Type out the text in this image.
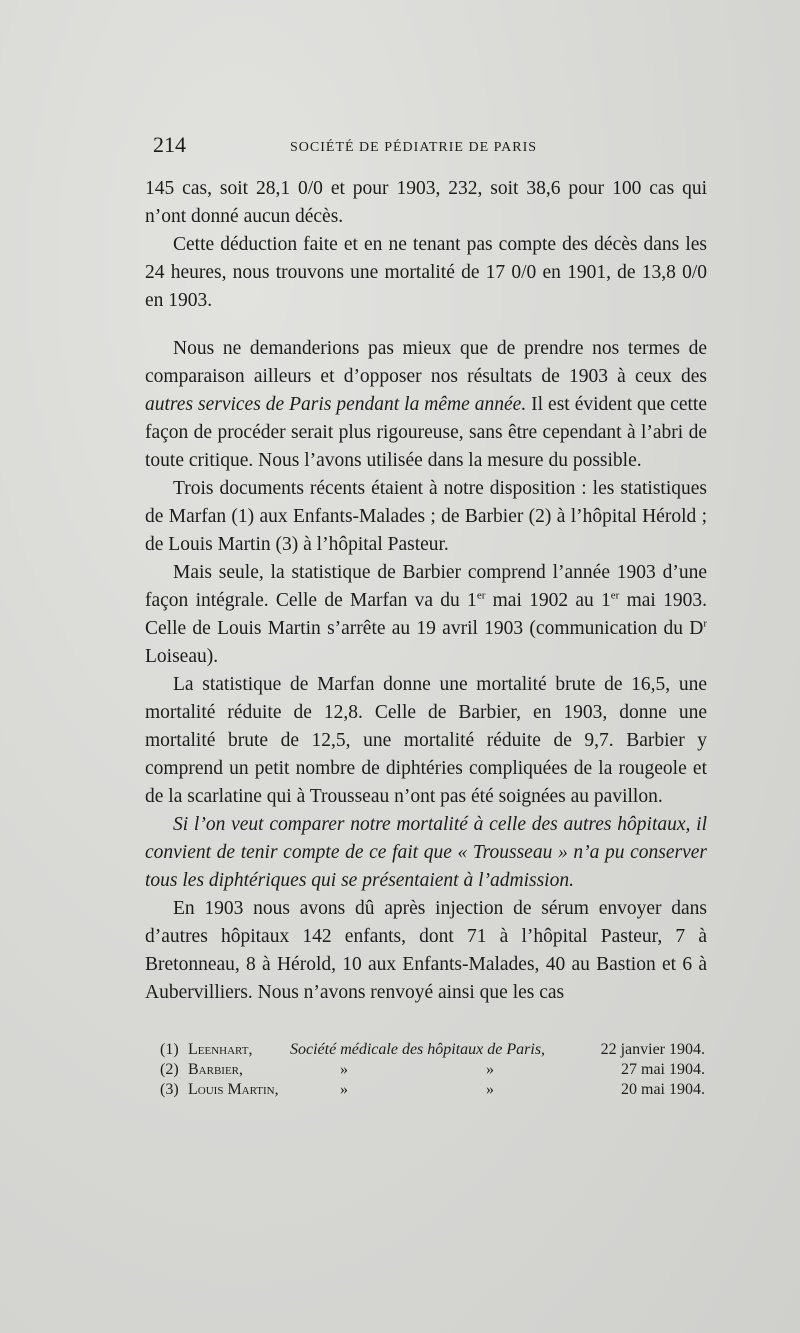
214	SOCIÉTÉ DE PÉDIATRIE DE PARIS

145 cas, soit 28,1 0/0 et pour 1903, 232, soit 38,6 pour 100 cas qui n’ont donné aucun décès.

Cette déduction faite et en ne tenant pas compte des décès dans les 24 heures, nous trouvons une mortalité de 17 0/0 en 1901, de 13,8 0/0 en 1903.

Nous ne demanderions pas mieux que de prendre nos termes de comparaison ailleurs et d’opposer nos résultats de 1903 à ceux des autres services de Paris pendant la même année. Il est évident que cette façon de procéder serait plus rigoureuse, sans être cependant à l’abri de toute critique. Nous l’avons utilisée dans la mesure du possible.

Trois documents récents étaient à notre disposition : les statistiques de Marfan (1) aux Enfants-Malades ; de Barbier (2) à l’hôpital Hérold ; de Louis Martin (3) à l’hôpital Pasteur.

Mais seule, la statistique de Barbier comprend l’année 1903 d’une façon intégrale. Celle de Marfan va du 1er mai 1902 au 1er mai 1903. Celle de Louis Martin s’arrête au 19 avril 1903 (communication du $D^r$ Loiseau).

La statistique de Marfan donne une mortalité brute de 16,5, une mortalité réduite de 12,8. Celle de Barbier, en 1903, donne une mortalité brute de 12,5, une mortalité réduite de 9,7. Barbier y comprend un petit nombre de diphtéries compliquées de la rougeole et de la scarlatine qui à Trousseau n’ont pas été soignées au pavillon.

Si l’on veut comparer notre mortalité à celle des autres hôpitaux, il convient de tenir compte de ce fait que « Trousseau » n’a pu conserver tous les diphtériques qui se présentaient à l’admission.

En 1903 nous avons dû après injection de sérum envoyer dans d’autres hôpitaux 142 enfants, dont 71 à l’hôpital Pasteur, 7 à Bretonneau, 8 à Hérold, 10 aux Enfants-Malades, 40 au Bastion et 6 à Aubervilliers. Nous n’avons renvoyé ainsi que les cas

(1) Leenhart, Société médicale des hôpitaux de Paris,	22 janvier 1904.
(2) Barbier,	»	»	27 mai 1904.
(3) Louis Martin,	»	»	20 mai 1904.
